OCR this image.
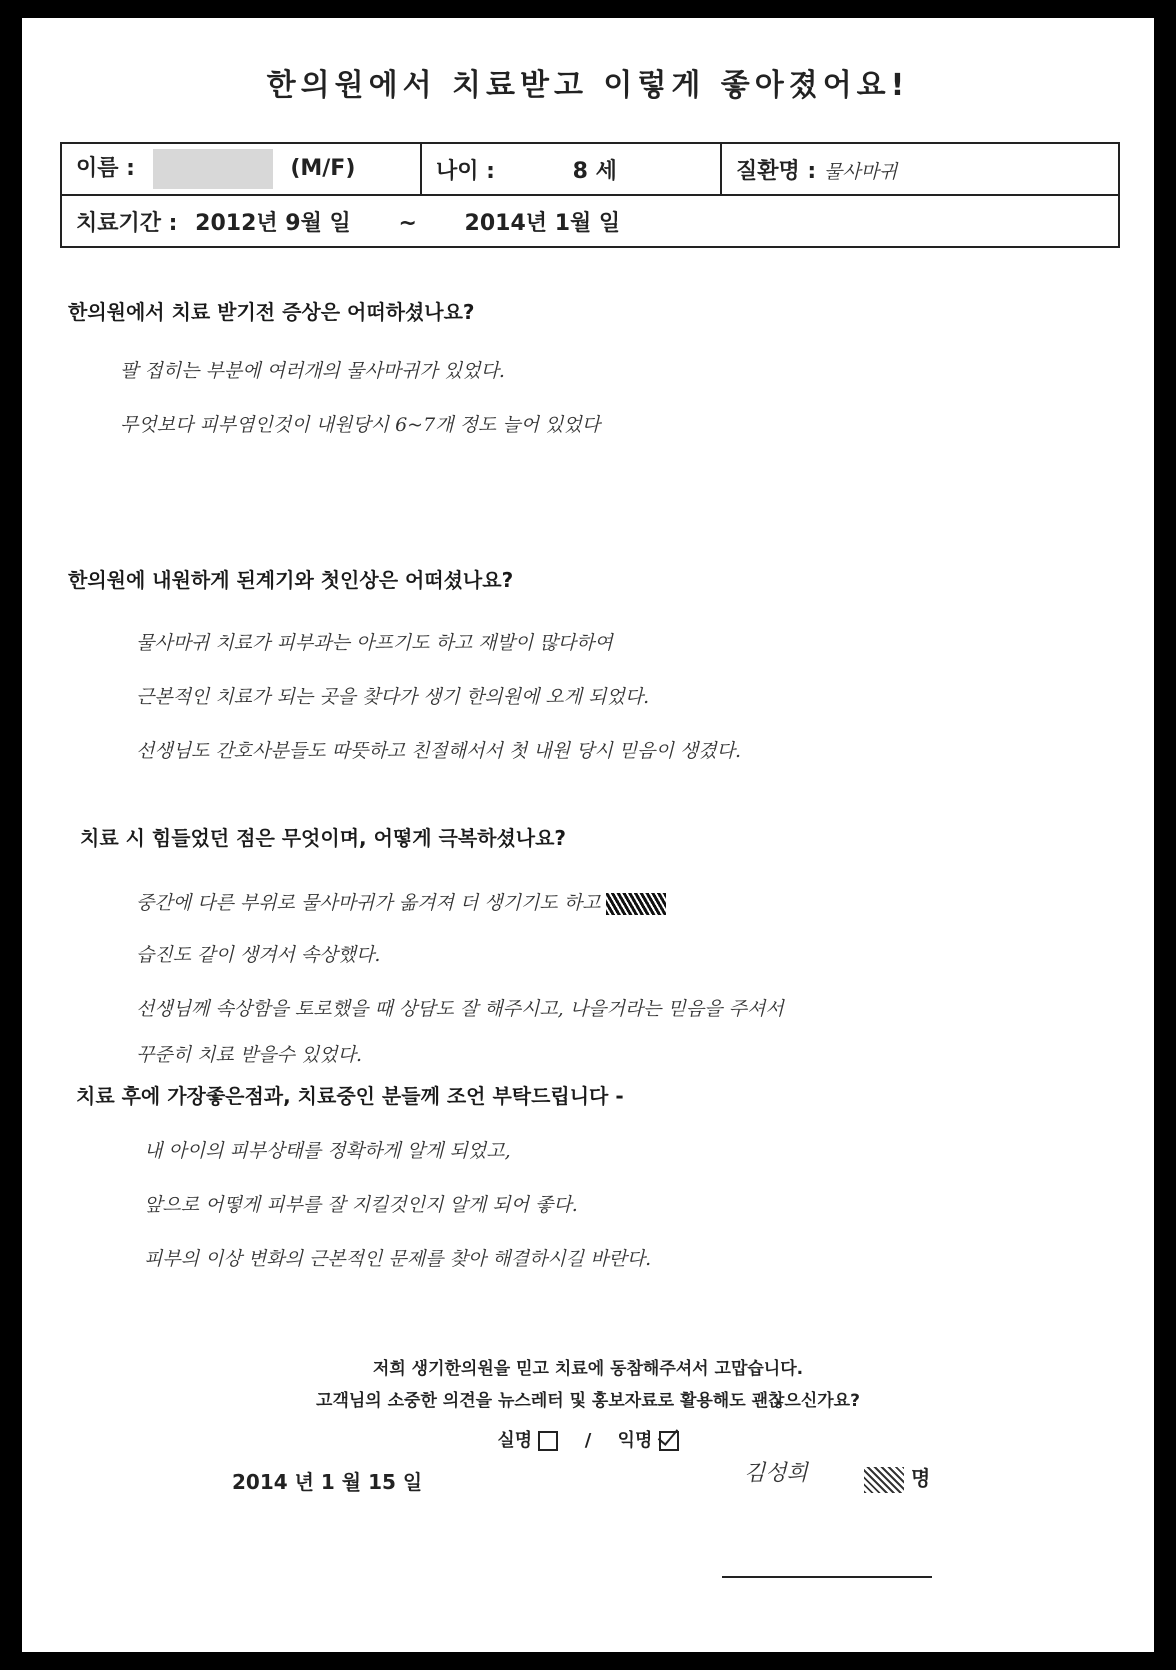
한의원에서 치료받고 이렇게 좋아졌어요!
이름 :	(M/F)	나이 :	8 세	질환명 : 물사마귀
치료기간 : 2012년 9월 일 ~ 2014년 1월 일
한의원에서 치료 받기전 증상은 어떠하셨나요?
팔 접히는 부분에 여러개의 물사마귀가 있었다.
무엇보다 피부염인것이 내원당시 6~7개 정도 늘어 있었다
한의원에 내원하게 된계기와 첫인상은 어떠셨나요?
물사마귀 치료가 피부과는 아프기도 하고 재발이 많다하여
근본적인 치료가 되는 곳을 찾다가 생기 한의원에 오게 되었다.
선생님도 간호사분들도 따뜻하고 친절해서서 첫 내원 당시 믿음이 생겼다.
치료 시 힘들었던 점은 무엇이며, 어떻게 극복하셨나요?
중간에 다른 부위로 물사마귀가 옮겨져 더 생기기도 하고
습진도 같이 생겨서 속상했다.
선생님께 속상함을 토로했을 때 상담도 잘 해주시고, 나을거라는 믿음을 주셔서
꾸준히 치료 받을수 있었다.
치료 후에 가장좋은점과, 치료중인 분들께 조언 부탁드립니다 -
내 아이의 피부상태를 정확하게 알게 되었고,
앞으로 어떻게 피부를 잘 지킬것인지 알게 되어 좋다.
피부의 이상 변화의 근본적인 문제를 찾아 해결하시길 바란다.
저희 생기한의원을 믿고 치료에 동참해주셔서 고맙습니다.
고객님의 소중한 의견을 뉴스레터 및 홍보자료로 활용해도 괜찮으신가요?
실명	/ 익명
2014 년 1 월 15 일	김성희	명
